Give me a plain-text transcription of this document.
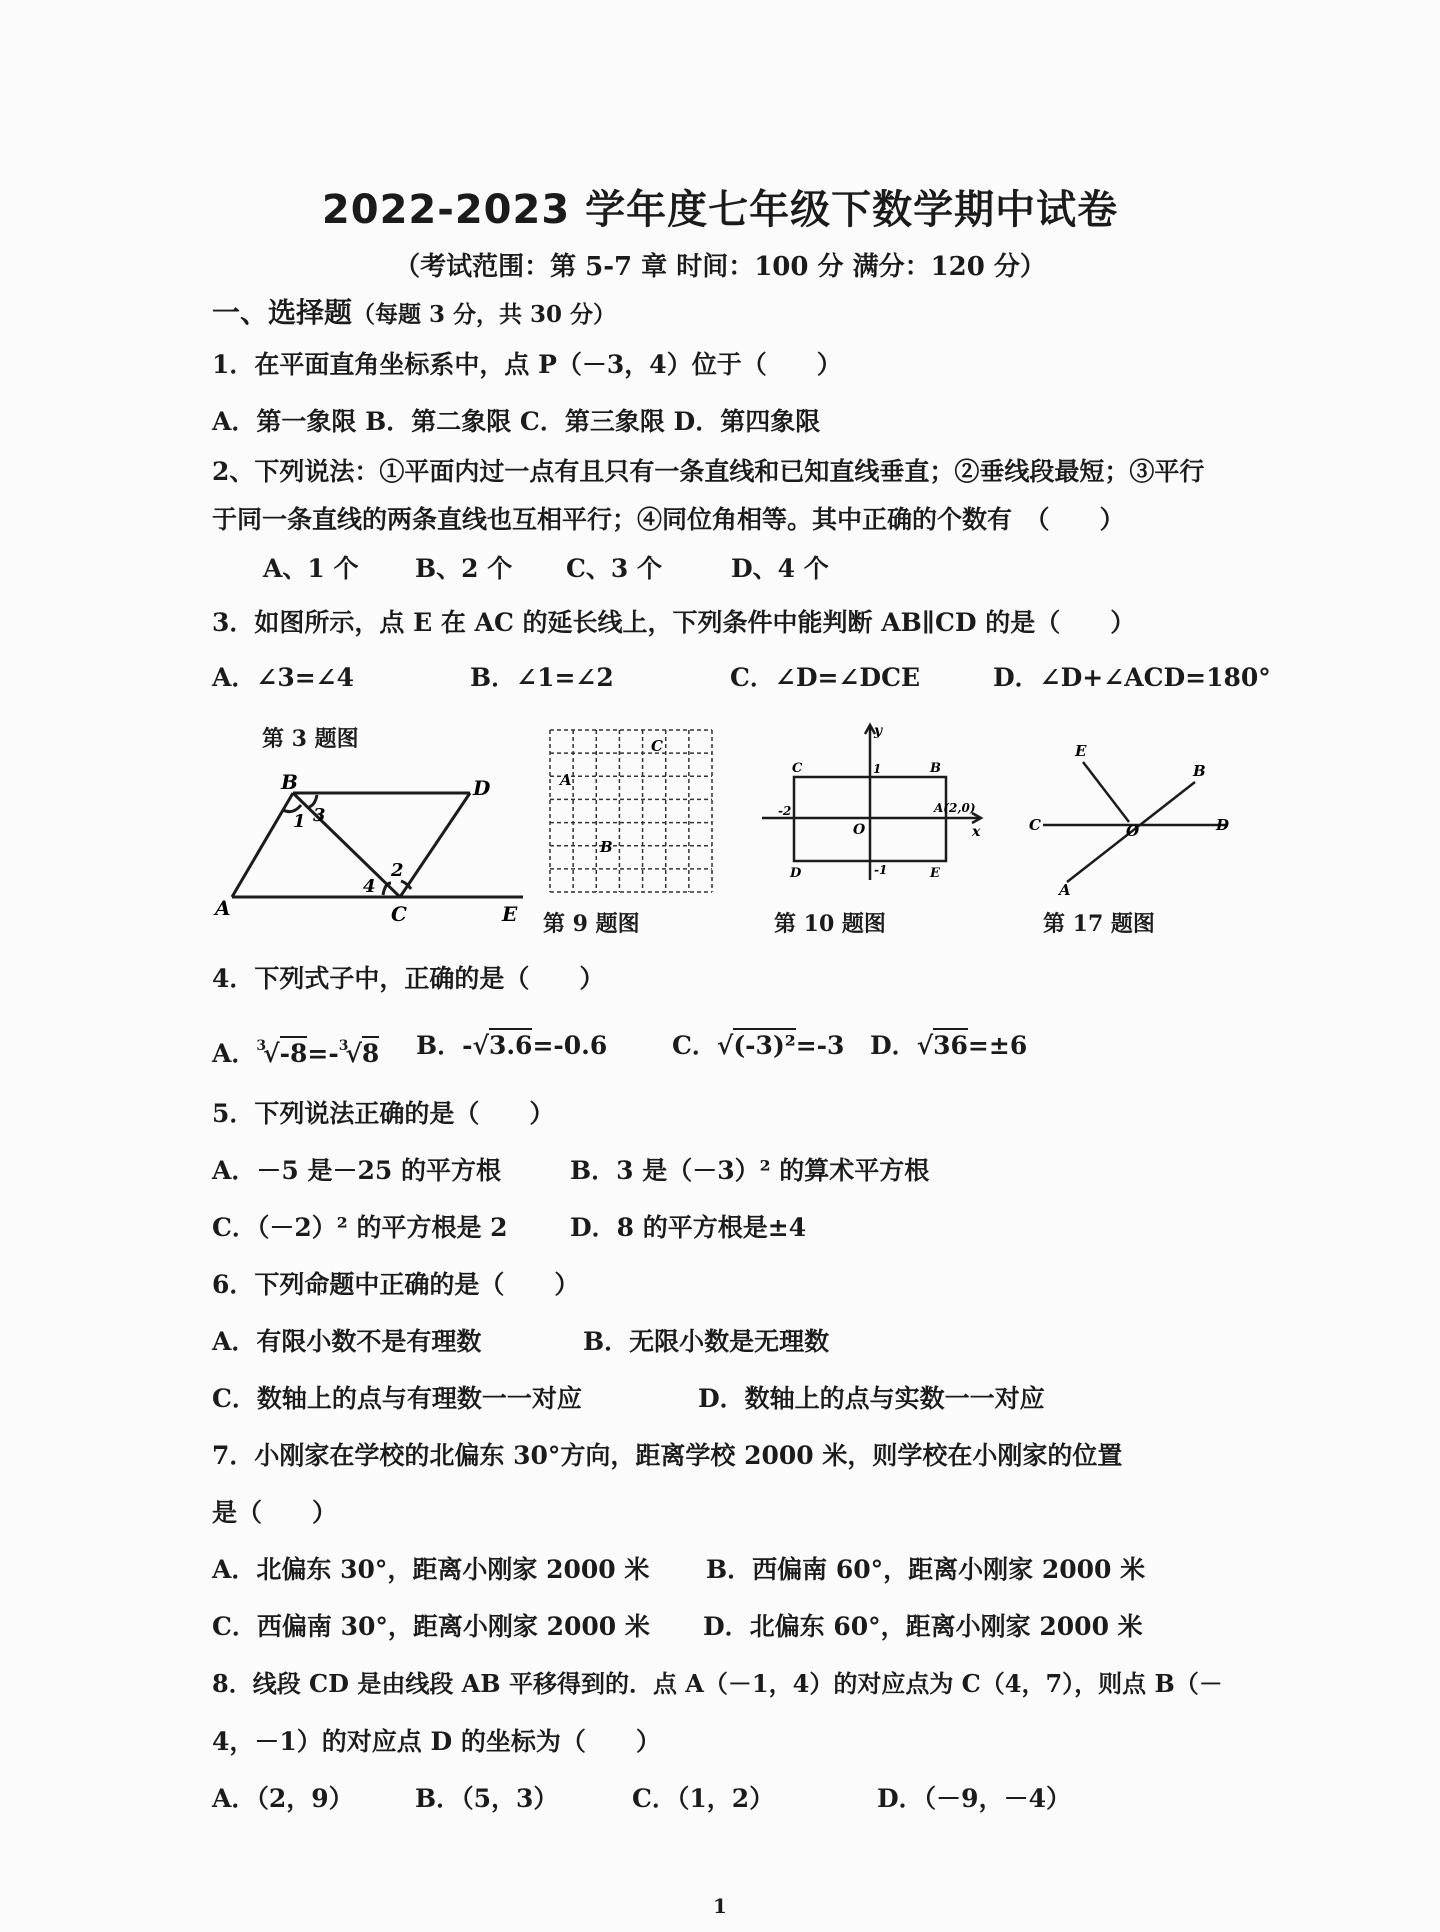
2022-2023 学年度七年级下数学期中试卷
（考试范围：第 5-7 章 时间：100 分 满分：120 分）
一、选择题（每题 3 分，共 30 分）
1．在平面直角坐标系中，点 P（－3，4）位于（　　）
A．第一象限 B．第二象限 C．第三象限 D．第四象限
2、下列说法：①平面内过一点有且只有一条直线和已知直线垂直；②垂线段最短；③平行
于同一条直线的两条直线也互相平行；④同位角相等。其中正确的个数有　（　　）
A、1 个 B、2 个 C、3 个	D、4 个
3．如图所示，点 E 在 AC 的延长线上，下列条件中能判断 AB∥CD 的是（　　）
A．∠3=∠4	B．∠1=∠2	C．∠D=∠DCE	D．∠D+∠ACD=180°
第 3 题图
A
B	D
C	E
1 3
2
4
A
B
C
第 9 题图
y
x
O
A(2,0)
B
C
D	E
1
-1
-2
第 10 题图
E
B
C	D
O
A
第 17 题图
4．下列式子中，正确的是（　　）
A．$^3$√-8=-$^3$√8 B．-√3.6=-0.6	C．√(-3)²=-3 D．√36=±6
5．下列说法正确的是（　　）
A．－5 是－25 的平方根	B．3 是（－3）² 的算术平方根
C．（－2）² 的平方根是 2 D．8 的平方根是±4
6．下列命题中正确的是（　　）
A．有限小数不是有理数	B．无限小数是无理数
C．数轴上的点与有理数一一对应	D．数轴上的点与实数一一对应
7．小刚家在学校的北偏东 30°方向，距离学校 2000 米，则学校在小刚家的位置
是（　　）
A．北偏东 30°，距离小刚家 2000 米 B．西偏南 60°，距离小刚家 2000 米
C．西偏南 30°，距离小刚家 2000 米 D．北偏东 60°，距离小刚家 2000 米
8．线段 CD 是由线段 AB 平移得到的．点 A（－1，4）的对应点为 C（4，7），则点 B（－
4，－1）的对应点 D 的坐标为（　　）
A．（2，9） B．（5，3）	C．（1，2）	D．（－9，－4）
1
